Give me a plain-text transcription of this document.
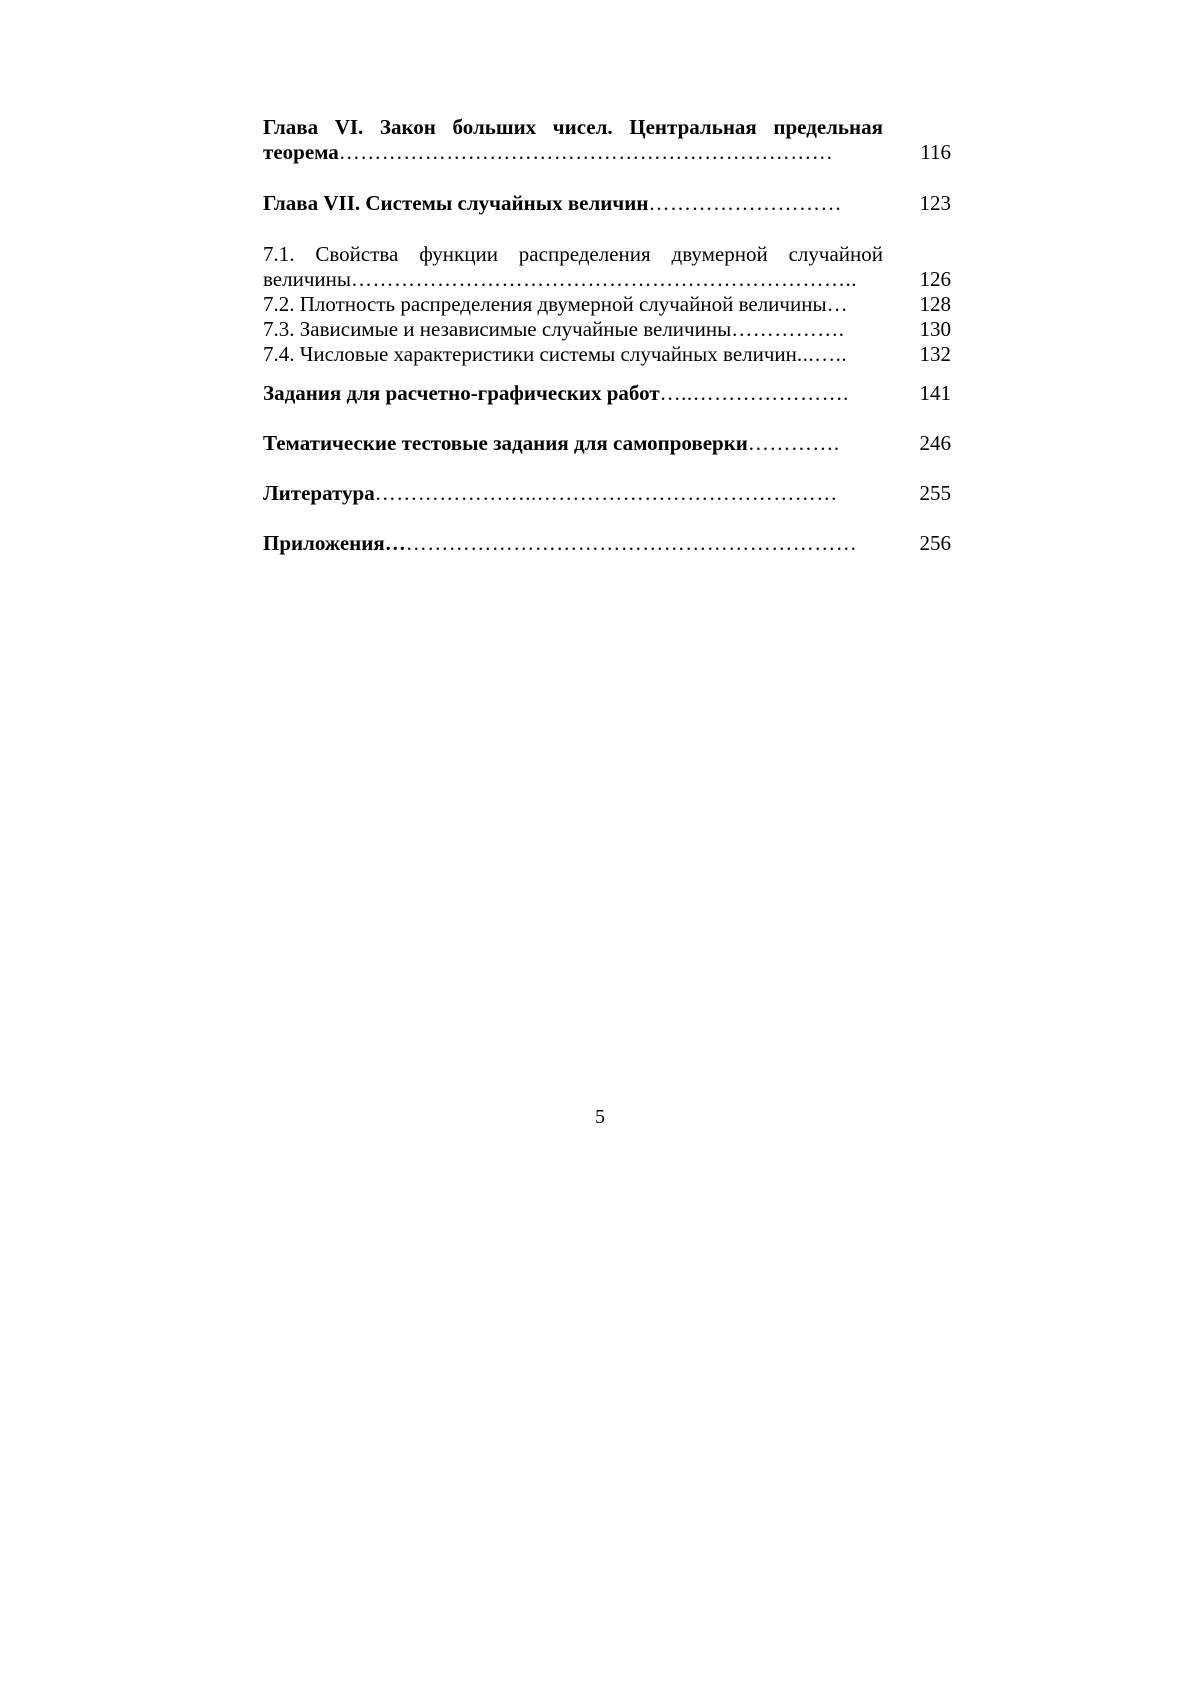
Глава VI. Закон больших чисел. Центральная предельная теорема……………………………………………………………	116
Глава VII. Системы случайных величин………………………	123
7.1. Свойства функции распределения двумерной случайной величины……………………………………………………………..	126
7.2. Плотность распределения двумерной случайной величины…	128
7.3. Зависимые и независимые случайные величины…………….	130
7.4. Числовые характеристики системы случайных величин...…..	132
Задания для расчетно-графических работ…..………………….	141
Тематические тестовые задания для самопроверки………….	246
Литература…………………..……………………………………	255
Приложения…………………………………………………………	256
5
